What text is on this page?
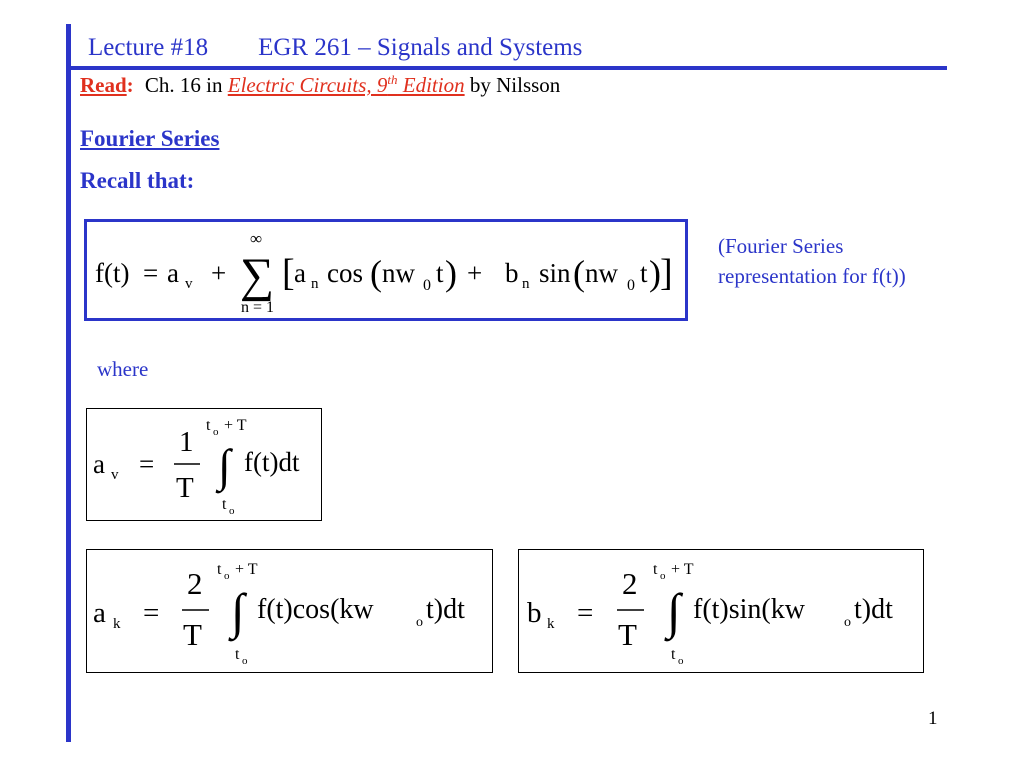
Lecture #18 EGR 261 – Signals and Systems
Read: Ch. 16 in Electric Circuits, 9th Edition by Nilsson
Fourier Series
Recall that:
f(t) = a v +
∞
∑
n = 1
[ a n cos ( nw 0 t ) + b n sin ( nw 0 t ) ]
(Fourier Series
representation for f(t))
where
a v =
1
T
t o + T
∫
t o
f(t)dt
a k =
2
T
t o + T
∫
t o
f(t)cos(kw	o t)dt b k =
2
T
t o + T
∫
t o
f(t)sin(kw	o t)dt
1
